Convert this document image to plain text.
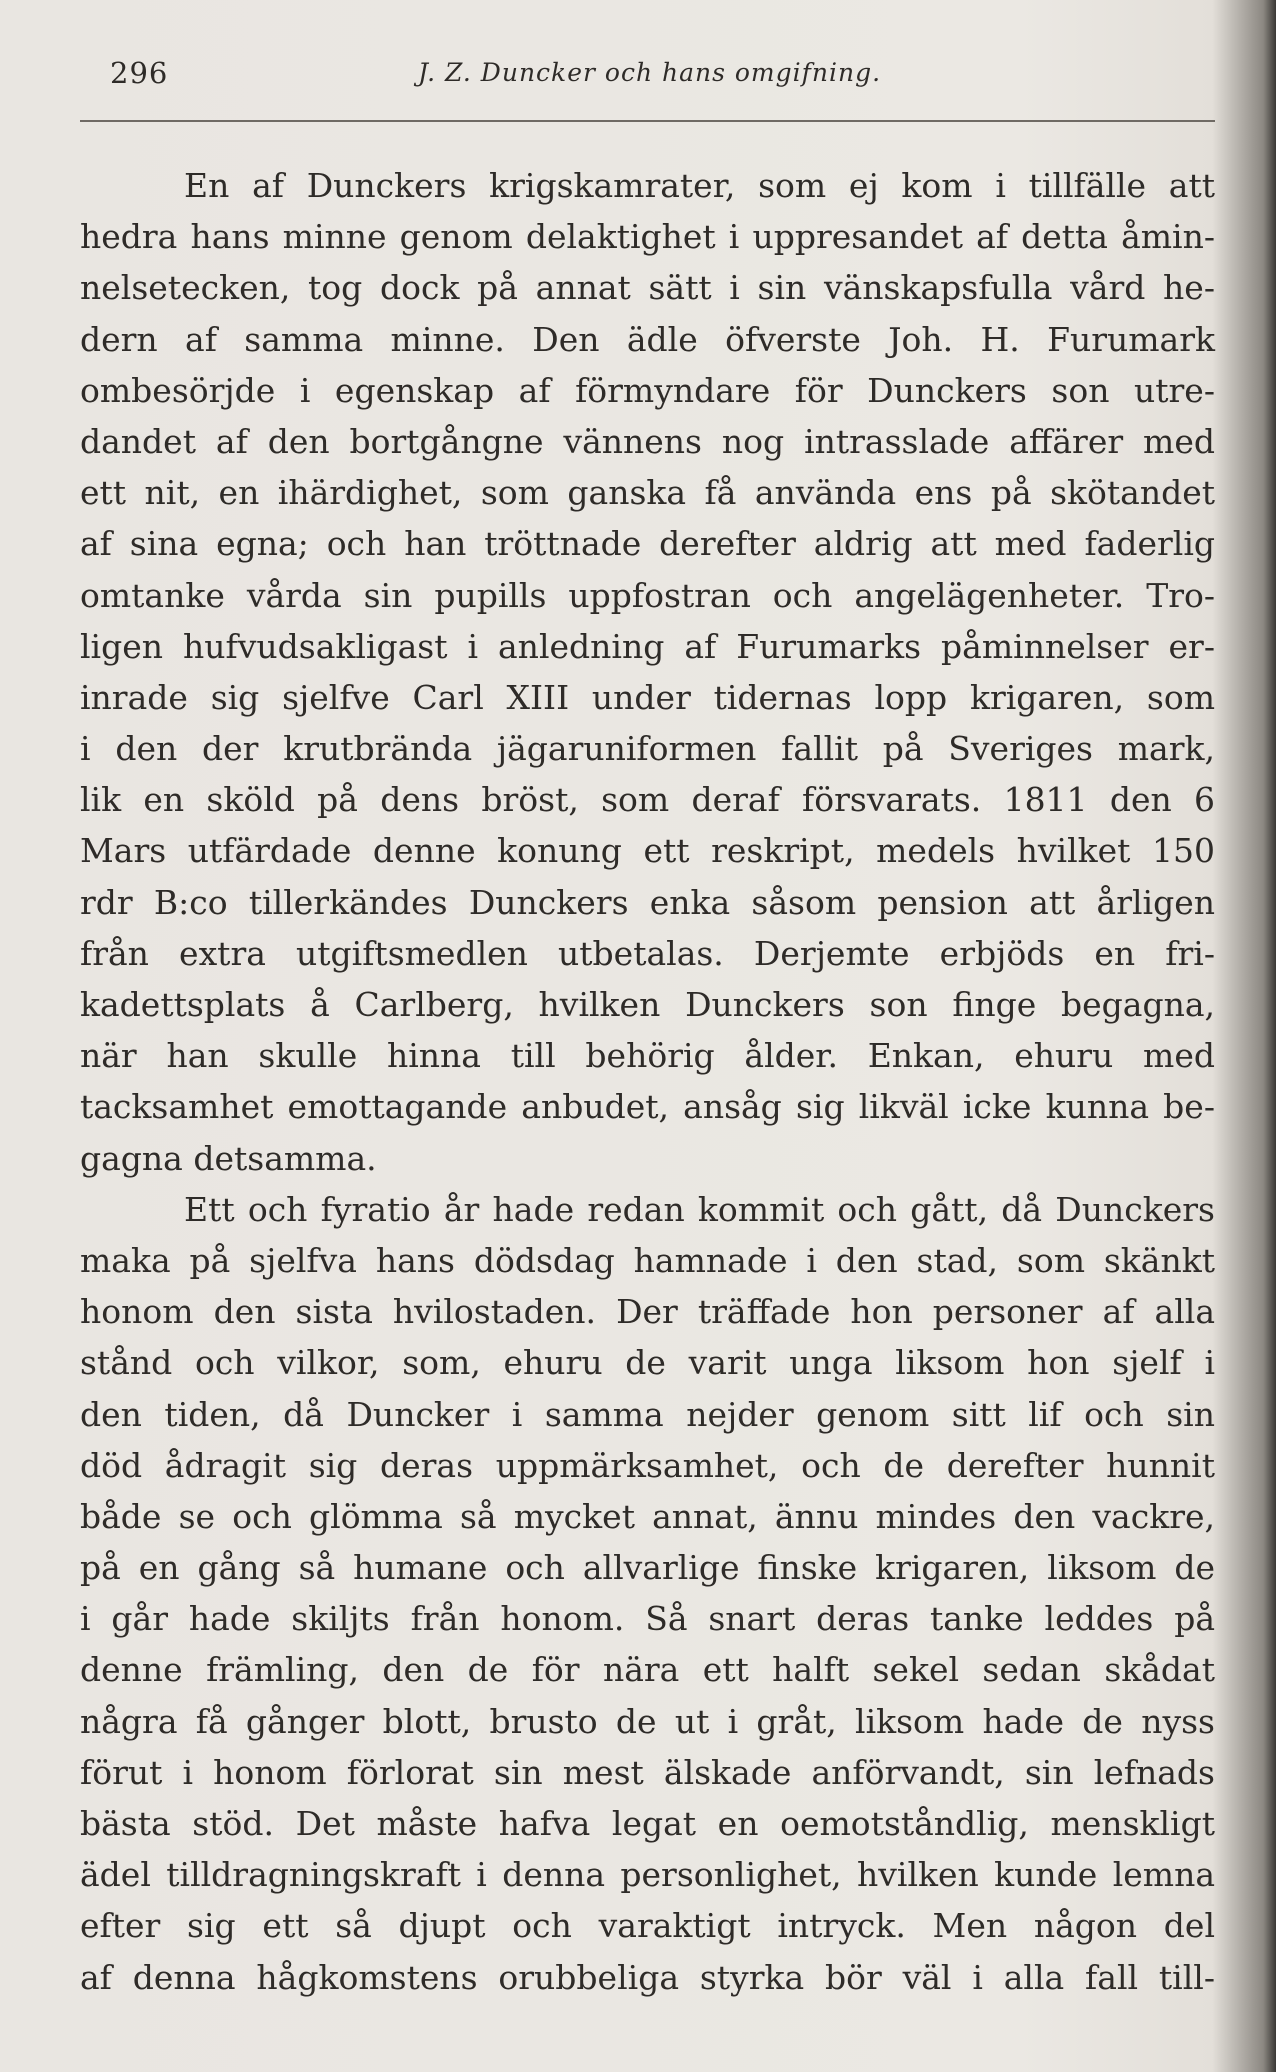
296	J. Z. Duncker och hans omgifning.
En af Dunckers krigskamrater, som ej kom i tillfälle att
hedra hans minne genom delaktighet i uppresandet af detta åmin-
nelsetecken, tog dock på annat sätt i sin vänskapsfulla vård he-
dern af samma minne. Den ädle öfverste Joh. H. Furumark
ombesörjde i egenskap af förmyndare för Dunckers son utre-
dandet af den bortgångne vännens nog intrasslade affärer med
ett nit, en ihärdighet, som ganska få använda ens på skötandet
af sina egna; och han tröttnade derefter aldrig att med faderlig
omtanke vårda sin pupills uppfostran och angelägenheter. Tro-
ligen hufvudsakligast i anledning af Furumarks påminnelser er-
inrade sig sjelfve Carl XIII under tidernas lopp krigaren, som
i den der krutbrända jägaruniformen fallit på Sveriges mark,
lik en sköld på dens bröst, som deraf försvarats. 1811 den 6
Mars utfärdade denne konung ett reskript, medels hvilket 150
rdr B:co tillerkändes Dunckers enka såsom pension att årligen
från extra utgiftsmedlen utbetalas. Derjemte erbjöds en fri-
kadettsplats å Carlberg, hvilken Dunckers son finge begagna,
när han skulle hinna till behörig ålder. Enkan, ehuru med
tacksamhet emottagande anbudet, ansåg sig likväl icke kunna be-
gagna detsamma.
Ett och fyratio år hade redan kommit och gått, då Dunckers
maka på sjelfva hans dödsdag hamnade i den stad, som skänkt
honom den sista hvilostaden. Der träffade hon personer af alla
stånd och vilkor, som, ehuru de varit unga liksom hon sjelf i
den tiden, då Duncker i samma nejder genom sitt lif och sin
död ådragit sig deras uppmärksamhet, och de derefter hunnit
både se och glömma så mycket annat, ännu mindes den vackre,
på en gång så humane och allvarlige finske krigaren, liksom de
i går hade skiljts från honom. Så snart deras tanke leddes på
denne främling, den de för nära ett halft sekel sedan skådat
några få gånger blott, brusto de ut i gråt, liksom hade de nyss
förut i honom förlorat sin mest älskade anförvandt, sin lefnads
bästa stöd. Det måste hafva legat en oemotståndlig, menskligt
ädel tilldragningskraft i denna personlighet, hvilken kunde lemna
efter sig ett så djupt och varaktigt intryck. Men någon del
af denna hågkomstens orubbeliga styrka bör väl i alla fall till-
